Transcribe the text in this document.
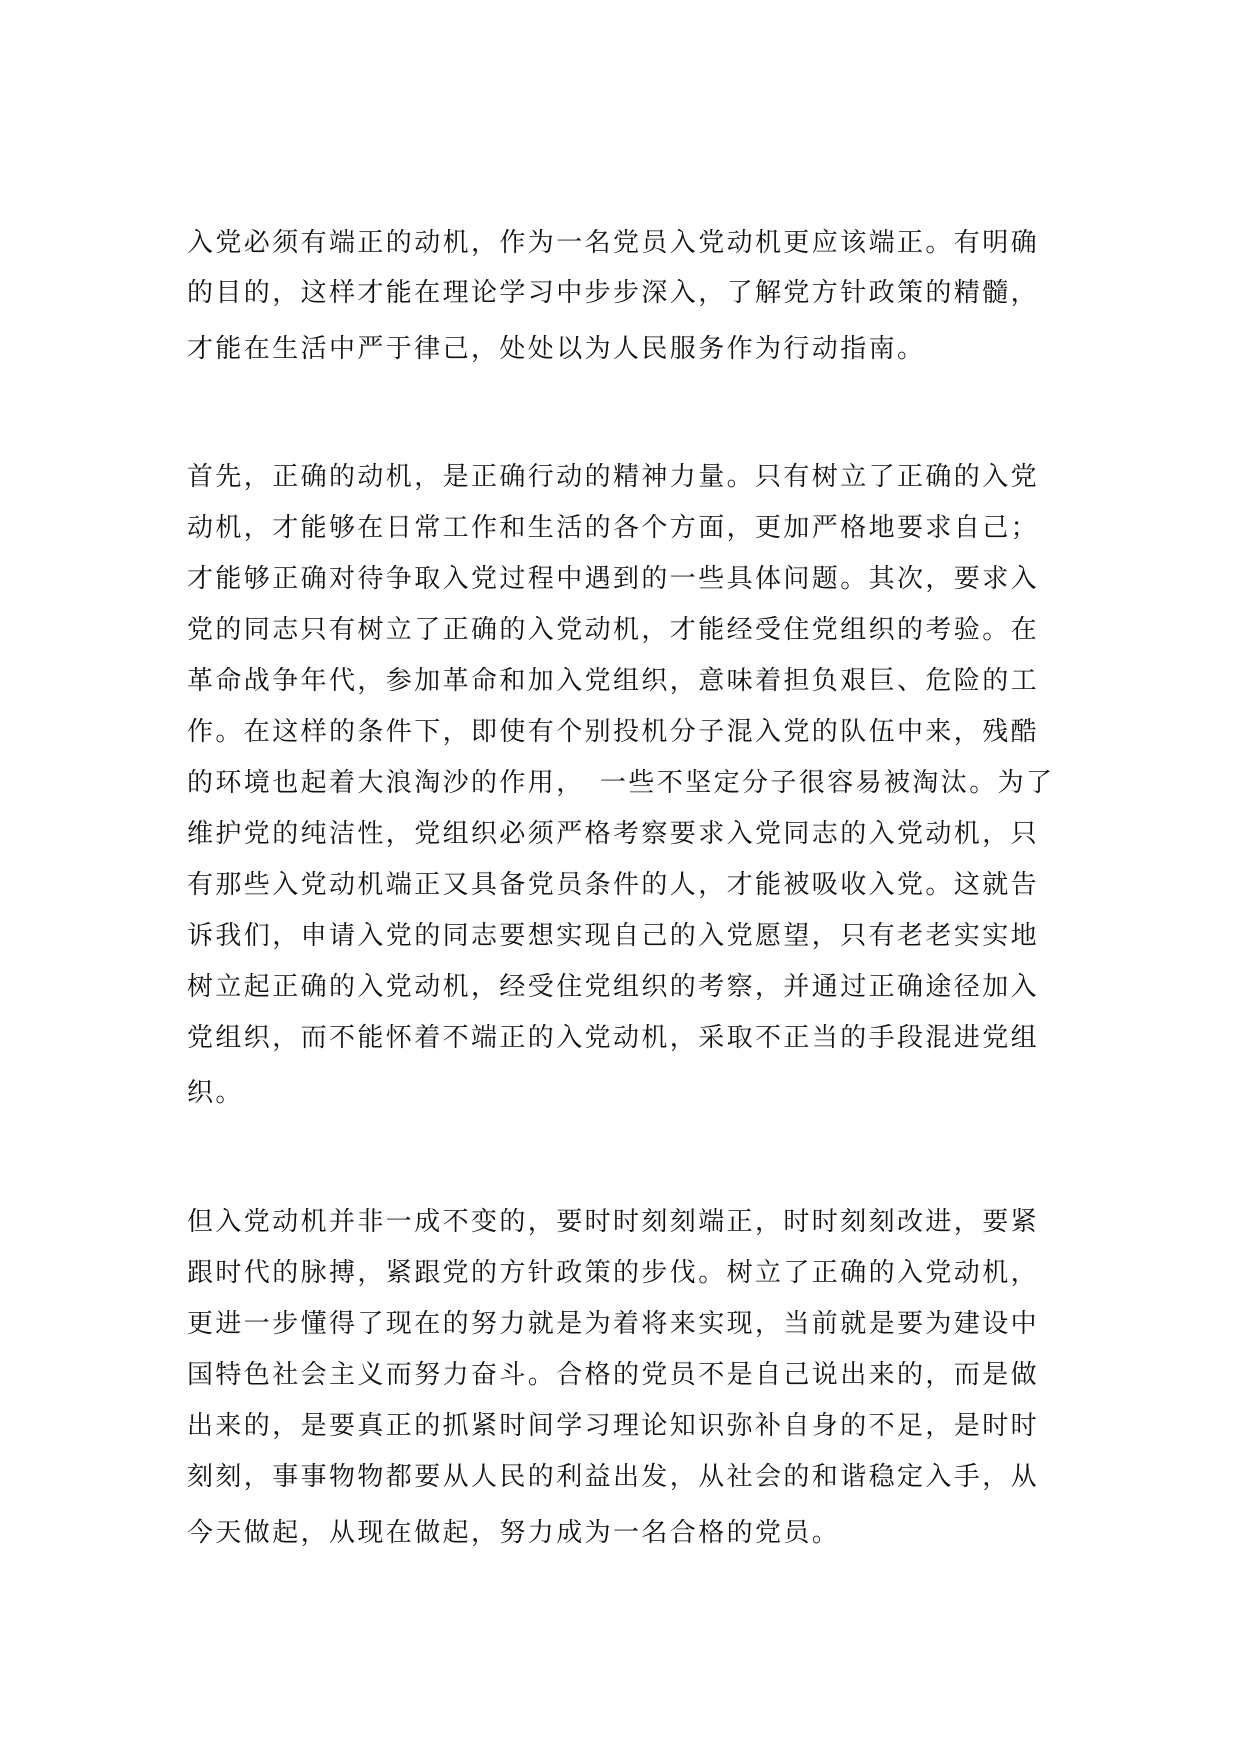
入党必须有端正的动机，作为一名党员入党动机更应该端正。有明确
的目的，这样才能在理论学习中步步深入，了解党方针政策的精髓，
才能在生活中严于律己，处处以为人民服务作为行动指南。
首先，正确的动机，是正确行动的精神力量。只有树立了正确的入党
动机，才能够在日常工作和生活的各个方面，更加严格地要求自己；
才能够正确对待争取入党过程中遇到的一些具体问题。其次，要求入
党的同志只有树立了正确的入党动机，才能经受住党组织的考验。在
革命战争年代，参加革命和加入党组织，意味着担负艰巨、危险的工
作。在这样的条件下，即使有个别投机分子混入党的队伍中来，残酷
的环境也起着大浪淘沙的作用，　一些不坚定分子很容易被淘汰。为了
维护党的纯洁性，党组织必须严格考察要求入党同志的入党动机，只
有那些入党动机端正又具备党员条件的人，才能被吸收入党。这就告
诉我们，申请入党的同志要想实现自己的入党愿望，只有老老实实地
树立起正确的入党动机，经受住党组织的考察，并通过正确途径加入
党组织，而不能怀着不端正的入党动机，采取不正当的手段混进党组
织。
但入党动机并非一成不变的，要时时刻刻端正，时时刻刻改进，要紧
跟时代的脉搏，紧跟党的方针政策的步伐。树立了正确的入党动机，
更进一步懂得了现在的努力就是为着将来实现，当前就是要为建设中
国特色社会主义而努力奋斗。合格的党员不是自己说出来的，而是做
出来的，是要真正的抓紧时间学习理论知识弥补自身的不足，是时时
刻刻，事事物物都要从人民的利益出发，从社会的和谐稳定入手，从
今天做起，从现在做起，努力成为一名合格的党员。
